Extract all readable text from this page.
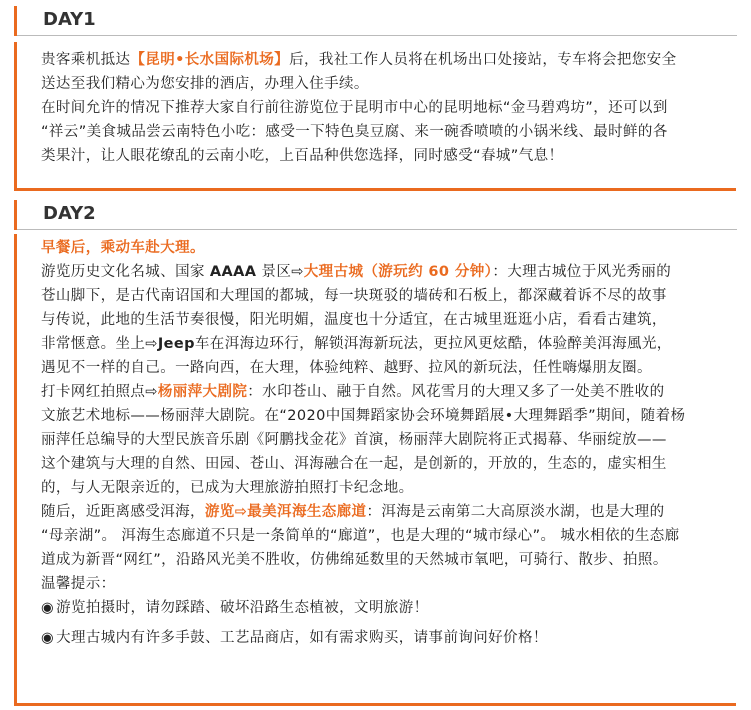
DAY1
贵客乘机抵达【昆明•长水国际机场】后，我社工作人员将在机场出口处接站，专车将会把您安全
送达至我们精心为您安排的酒店，办理入住手续。
在时间允许的情况下推荐大家自行前往游览位于昆明市中心的昆明地标“金马碧鸡坊”，还可以到
“祥云”美食城品尝云南特色小吃：感受一下特色臭豆腐、来一碗香喷喷的小锅米线、最时鲜的各
类果汁，让人眼花缭乱的云南小吃，上百品种供您选择，同时感受“春城”气息！
DAY2
早餐后，乘动车赴大理。
游览历史文化名城、国家 AAAA 景区⇨大理古城（游玩约 60 分钟）：大理古城位于风光秀丽的
苍山脚下，是古代南诏国和大理国的都城，每一块斑驳的墙砖和石板上，都深藏着诉不尽的故事
与传说，此地的生活节奏很慢，阳光明媚，温度也十分适宜，在古城里逛逛小店，看看古建筑，
非常惬意。坐上⇨Jeep车在洱海边环行，解锁洱海新玩法，更拉风更炫酷，体验醉美洱海風光，
遇见不一样的自己。一路向西，在大理，体验纯粹、越野、拉风的新玩法，任性嗨爆朋友圈。
打卡网红拍照点⇨杨丽萍大剧院：水印苍山、融于自然。风花雪月的大理又多了一处美不胜收的
文旅艺术地标——杨丽萍大剧院。在“2020中国舞蹈家协会环境舞蹈展•大理舞蹈季”期间，随着杨
丽萍任总编导的大型民族音乐剧《阿鹏找金花》首演，杨丽萍大剧院将正式揭幕、华丽绽放——
这个建筑与大理的自然、田园、苍山、洱海融合在一起，是创新的，开放的，生态的，虚实相生
的，与人无限亲近的，已成为大理旅游拍照打卡纪念地。
随后，近距离感受洱海，游览⇨最美洱海生态廊道：洱海是云南第二大高原淡水湖，也是大理的
“母亲湖”。 洱海生态廊道不只是一条简单的“廊道”，也是大理的“城市绿心”。 城水相依的生态廊
道成为新晋“网红”，沿路风光美不胜收，仿佛绵延数里的天然城市氧吧，可骑行、散步、拍照。
温馨提示：
◉ 游览拍摄时，请勿踩踏、破坏沿路生态植被，文明旅游！
◉ 大理古城内有许多手鼓、工艺品商店，如有需求购买，请事前询问好价格！
